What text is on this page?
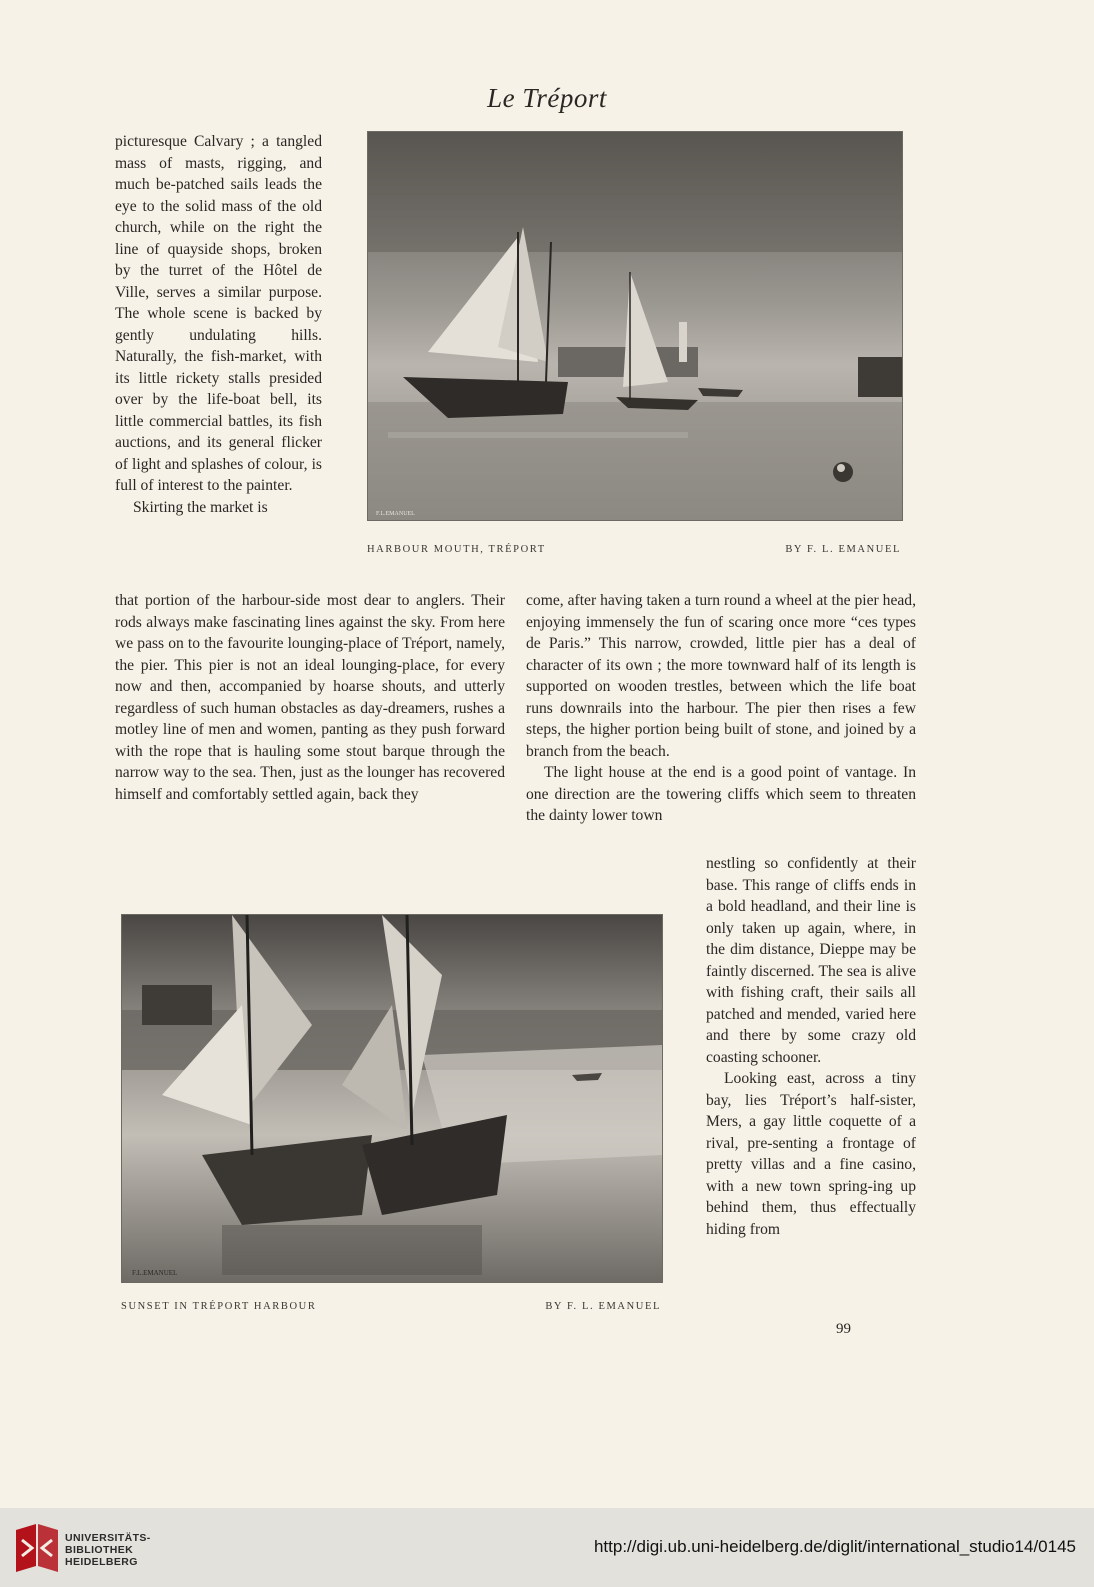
Le Tréport

picturesque Calvary ; a tangled mass of masts, rigging, and much be-patched sails leads the eye to the solid mass of the old church, while on the right the line of quayside shops, broken by the turret of the Hôtel de Ville, serves a similar purpose. The whole scene is backed by gently undulating hills. Naturally, the fish-market, with its little rickety stalls presided over by the life-boat bell, its little commercial battles, its fish auctions, and its general flicker of light and splashes of colour, is full of interest to the painter.

Skirting the market is	F.L.EMANUEL
HARBOUR MOUTH, TRÉPORT	BY F. L. EMANUEL

that portion of the harbour-side most dear to anglers. Their rods always make fascinating lines against the sky. From here we pass on to the favourite lounging-place of Tréport, namely, the pier. This pier is not an ideal lounging-place, for every now and then, accompanied by hoarse shouts, and utterly regardless of such human obstacles as day-dreamers, rushes a motley line of men and women, panting as they push forward with the rope that is hauling some stout barque through the narrow way to the sea. Then, just as the lounger has recovered himself and comfortably settled again, back they

come, after having taken a turn round a wheel at the pier head, enjoying immensely the fun of scaring once more “ces types de Paris.” This narrow, crowded, little pier has a deal of character of its own ; the more townward half of its length is supported on wooden trestles, between which the life boat runs downrails into the harbour. The pier then rises a few steps, the higher portion being built of stone, and joined by a branch from the beach.

The light house at the end is a good point of vantage. In one direction are the towering cliffs which seem to threaten the dainty lower town

nestling so confidently at their base. This range of cliffs ends in a bold headland, and their line is only taken up again, where, in the dim distance, Dieppe may be faintly discerned. The sea is alive with fishing craft, their sails all patched and mended, varied here and there by some crazy old coasting schooner.

Looking east, across a tiny bay, lies Tréport’s half-sister, Mers, a gay little coquette of a rival, pre-senting a frontage of pretty villas and a fine casino, with a new town spring-ing up behind them, thus effectually hiding from

F.L.EMANUEL
SUNSET IN TRÉPORT HARBOUR	BY F. L. EMANUEL
99
UNIVERSITÄTS-
BIBLIOTHEK
HEIDELBERG
http://digi.ub.uni-heidelberg.de/diglit/international_studio14/0145
